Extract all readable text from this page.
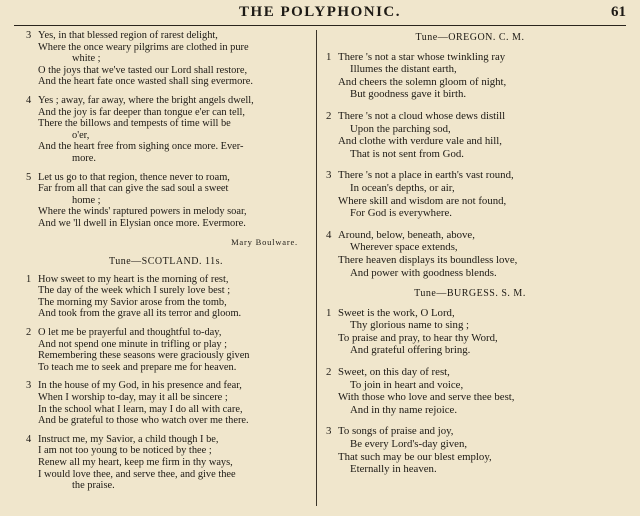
THE POLYPHONIC.	61
3 Yes, in that blessed region of rarest delight,
Where the once weary pilgrims are clothed in pure
white ;
O the joys that we've tasted our Lord shall restore,
And the heart fate once wasted shall sing evermore.
4 Yes ; away, far away, where the bright angels dwell,
And the joy is far deeper than tongue e'er can tell,
There the billows and tempests of time will be
o'er,
And the heart free from sighing once more. Ever-
more.
5 Let us go to that region, thence never to roam,
Far from all that can give the sad soul a sweet
home ;
Where the winds' raptured powers in melody soar,
And we 'll dwell in Elysian once more. Evermore.
Mary Boulware.
Tune—SCOTLAND. 11s.
1 How sweet to my heart is the morning of rest,
The day of the week which I surely love best ;
The morning my Savior arose from the tomb,
And took from the grave all its terror and gloom.
2 O let me be prayerful and thoughtful to-day,
And not spend one minute in trifling or play ;
Remembering these seasons were graciously given
To teach me to seek and prepare me for heaven.
3 In the house of my God, in his presence and fear,
When I worship to-day, may it all be sincere ;
In the school what I learn, may I do all with care,
And be grateful to those who watch over me there.
4 Instruct me, my Savior, a child though I be,
I am not too young to be noticed by thee ;
Renew all my heart, keep me firm in thy ways,
I would love thee, and serve thee, and give thee
the praise.
Tune—OREGON. C. M.
1 There 's not a star whose twinkling ray
Illumes the distant earth,
And cheers the solemn gloom of night,
But goodness gave it birth.
2 There 's not a cloud whose dews distill
Upon the parching sod,
And clothe with verdure vale and hill,
That is not sent from God.
3 There 's not a place in earth's vast round,
In ocean's depths, or air,
Where skill and wisdom are not found,
For God is everywhere.
4 Around, below, beneath, above,
Wherever space extends,
There heaven displays its boundless love,
And power with goodness blends.
Tune—BURGESS. S. M.
1 Sweet is the work, O Lord,
Thy glorious name to sing ;
To praise and pray, to hear thy Word,
And grateful offering bring.
2 Sweet, on this day of rest,
To join in heart and voice,
With those who love and serve thee best,
And in thy name rejoice.
3 To songs of praise and joy,
Be every Lord's-day given,
That such may be our blest employ,
Eternally in heaven.
